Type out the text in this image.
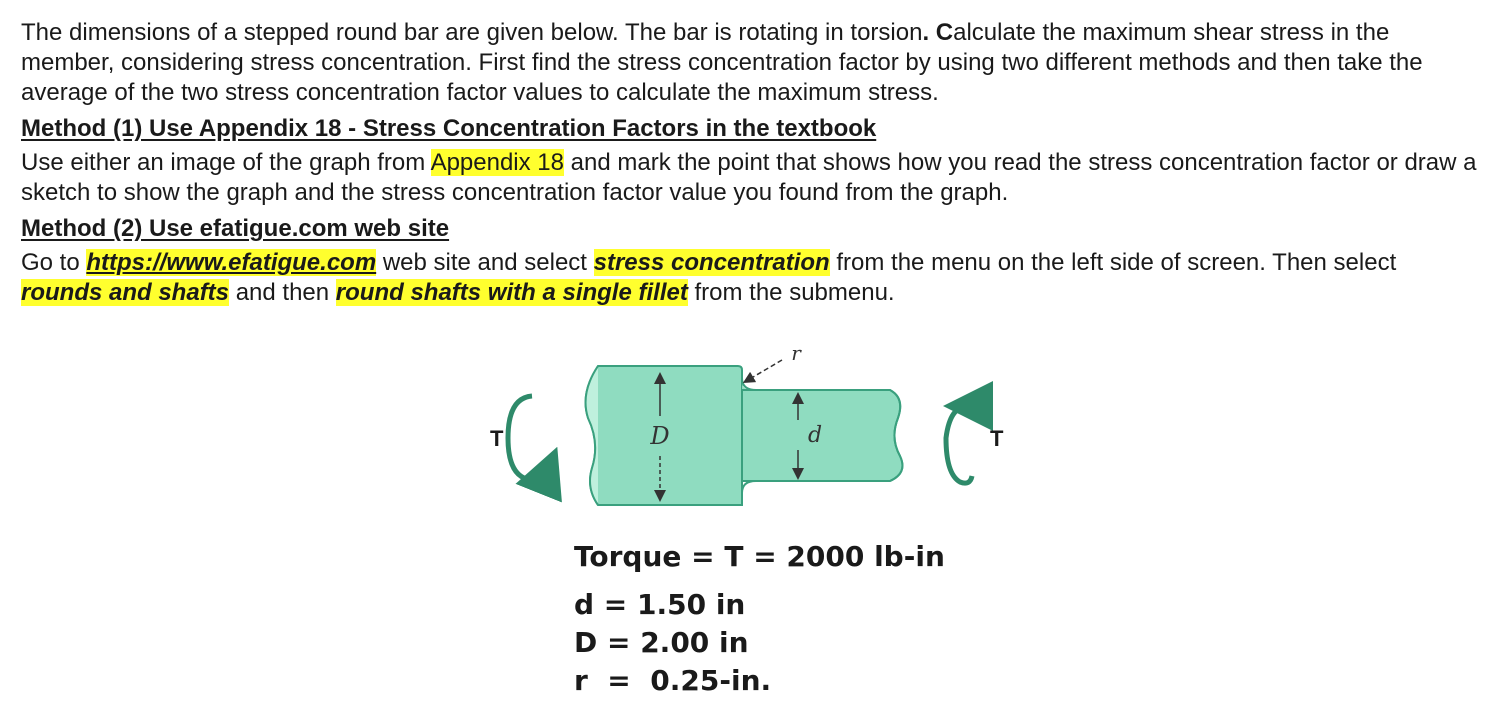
The dimensions of a stepped round bar are given below. The bar is rotating in torsion. Calculate the maximum shear stress in the member, considering stress concentration. First find the stress concentration factor by using two different methods and then take the average of the two stress concentration factor values to calculate the maximum stress.

Method (1) Use Appendix 18 - Stress Concentration Factors in the textbook

Use either an image of the graph from Appendix 18 and mark the point that shows how you read the stress concentration factor or draw a sketch to show the graph and the stress concentration factor value you found from the graph.

Method (2) Use efatigue.com web site

Go to https://www.efatigue.com web site and select stress concentration from the menu on the left side of screen. Then select rounds and shafts and then round shafts with a single fillet from the submenu.

D	d
r
T	T
Torque = T = 2000 lb-in
d = 1.50 in
D = 2.00 in
r  =  0.25-in.
